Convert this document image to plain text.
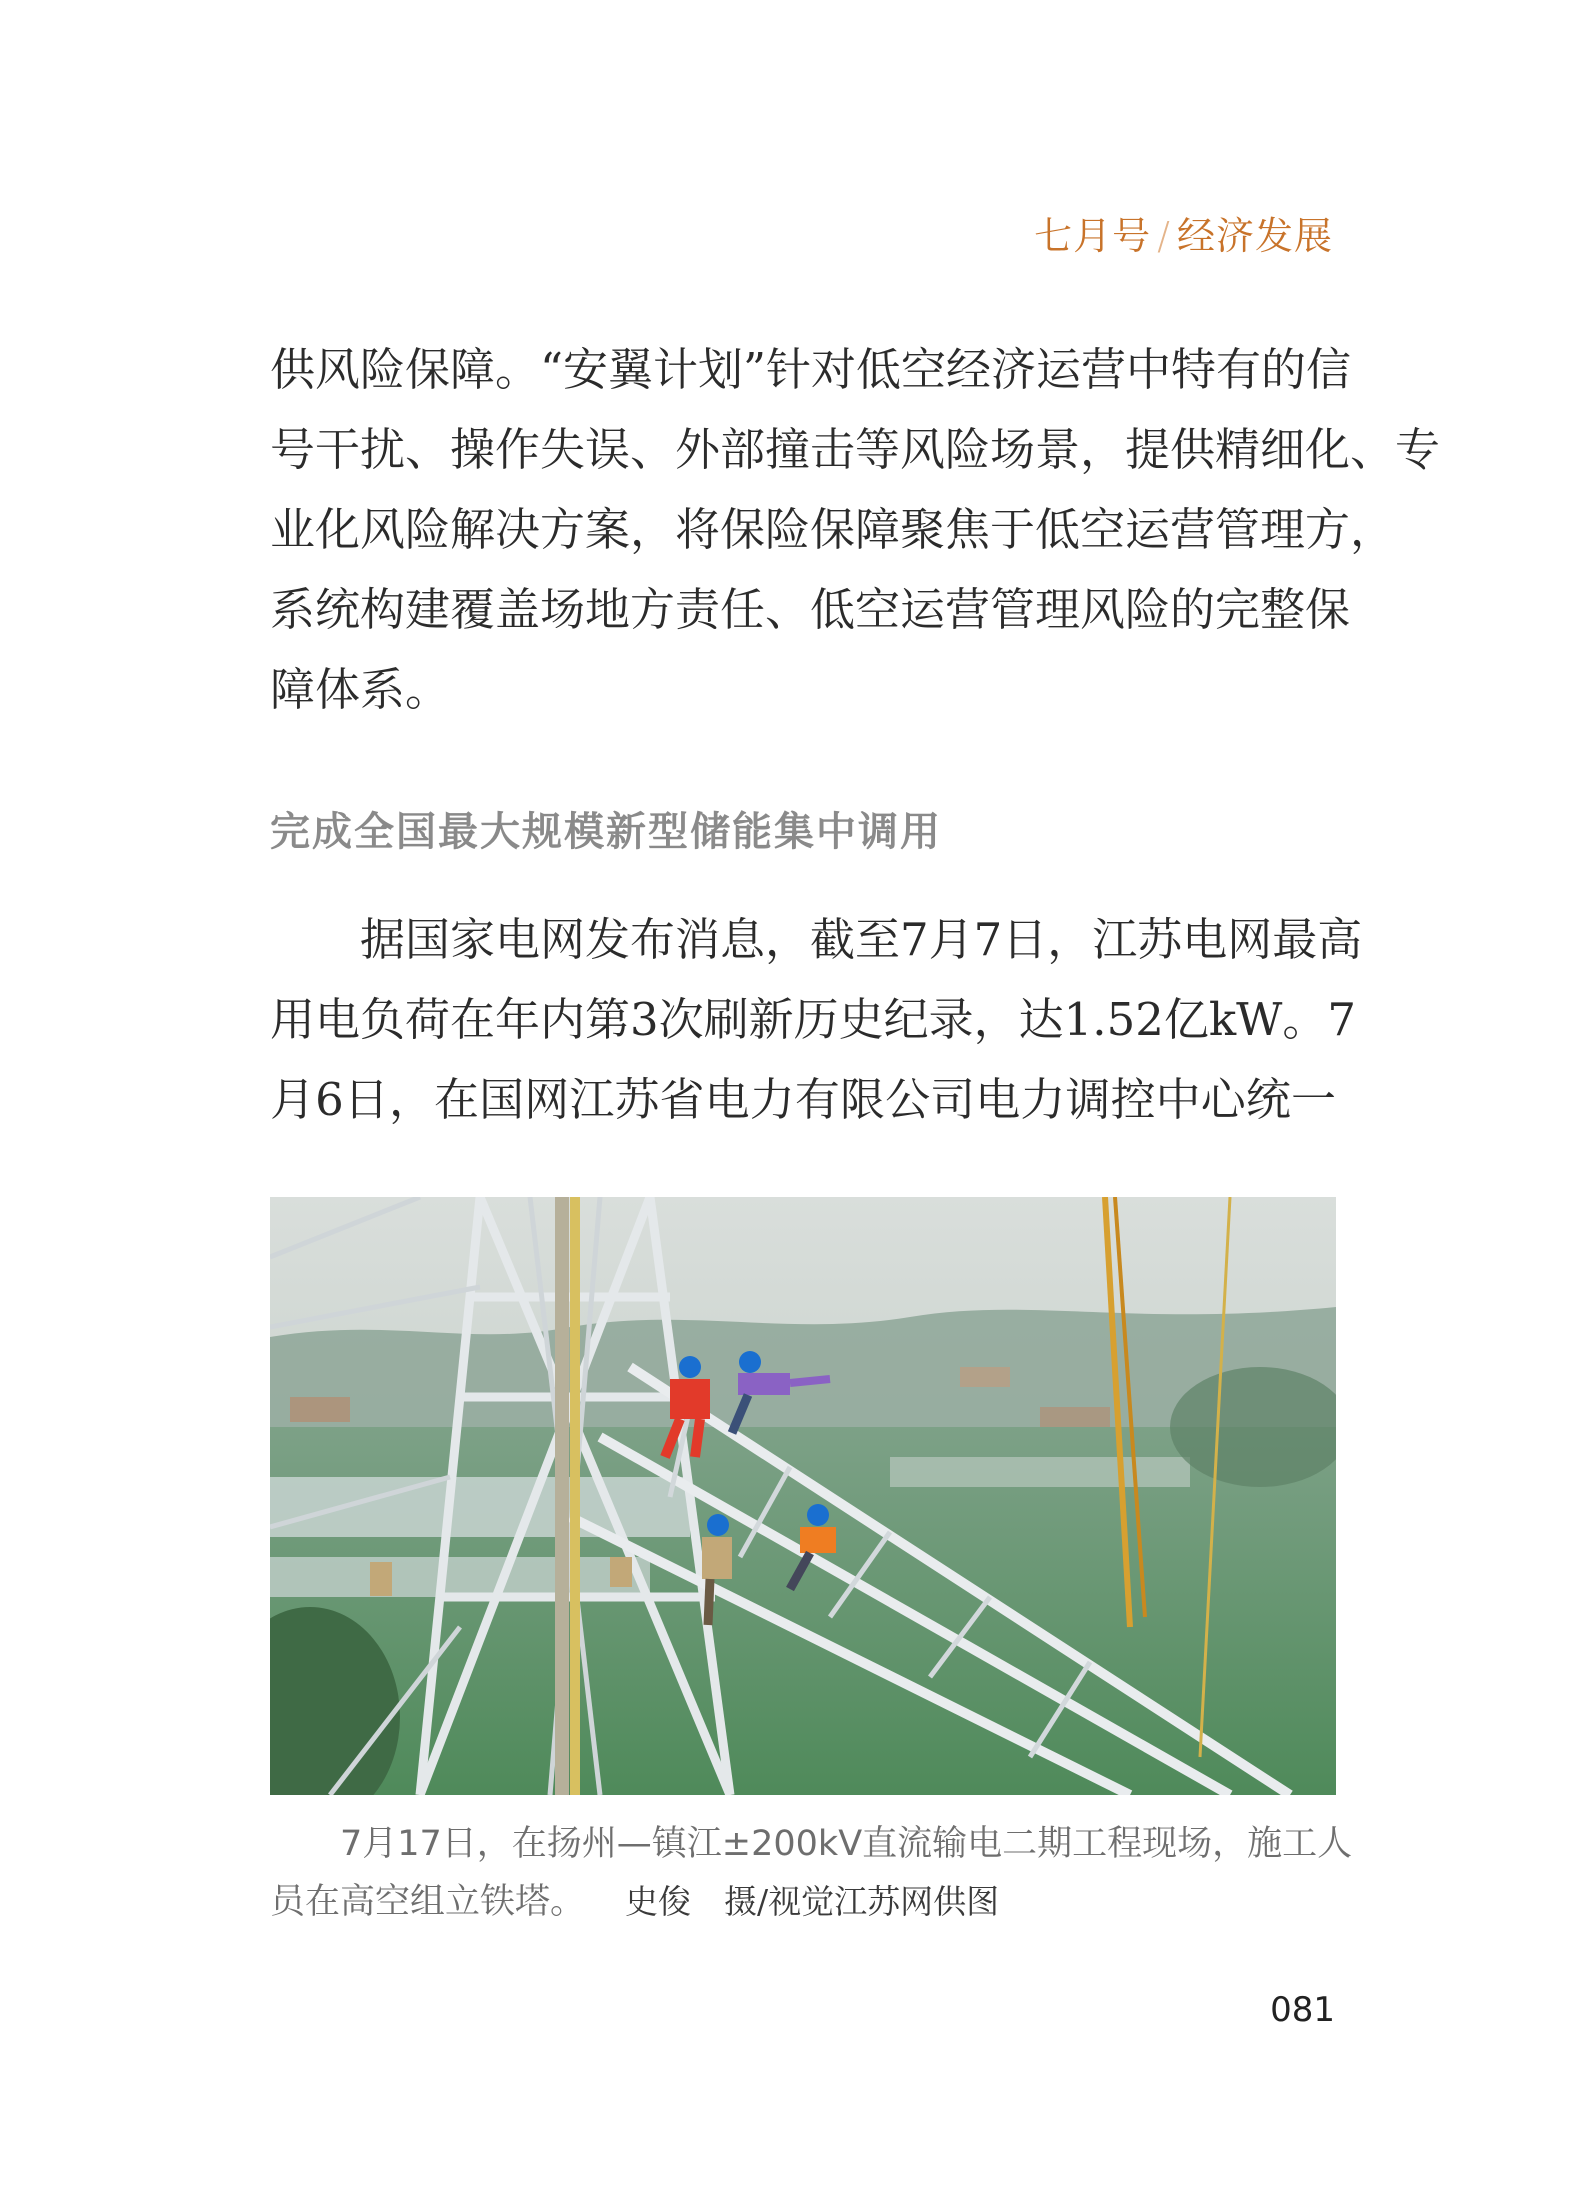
七月号 / 经济发展
供风险保障。“安翼计划”针对低空经济运营中特有的信
号干扰、操作失误、外部撞击等风险场景，提供精细化、专
业化风险解决方案，将保险保障聚焦于低空运营管理方，
系统构建覆盖场地方责任、低空运营管理风险的完整保
障体系。
完成全国最大规模新型储能集中调用
据国家电网发布消息，截至7月7日，江苏电网最高
用电负荷在年内第3次刷新历史纪录，达1.52亿kW。7
月6日，在国网江苏省电力有限公司电力调控中心统一
7月17日，在扬州—镇江±200kV直流输电二期工程现场，施工人
员在高空组立铁塔。 史俊　摄/视觉江苏网供图
081
